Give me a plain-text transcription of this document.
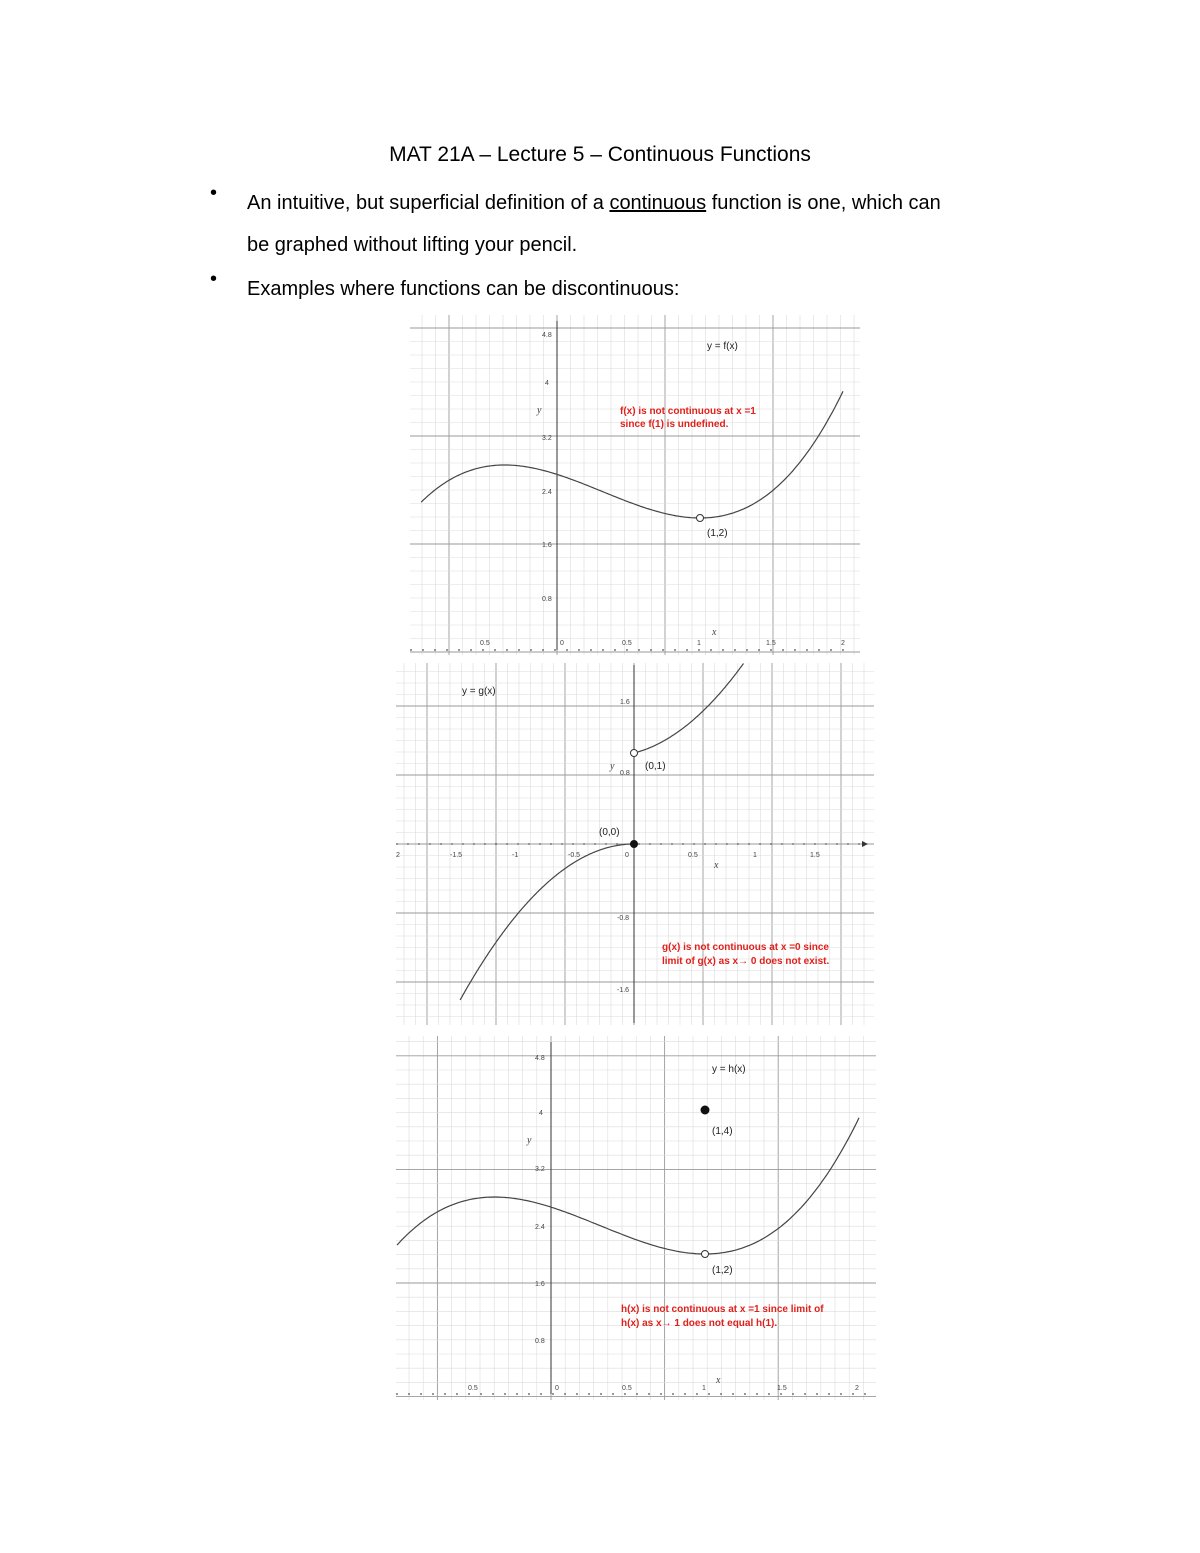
MAT 21A – Lecture 5 – Continuous Functions
•	An intuitive, but superficial definition of a continuous function is one, which can
be graphed without lifting your pencil.
•	Examples where functions can be discontinuous:
y = f(x)
(1,2)
f(x) is not continuous at x =1
since f(1) is undefined.
y
x
4.8
4
3.2
2.4
1.6
0.8
0.5	0	0.5	1	1.5	2
y = g(x)
(0,1)
(0,0)
g(x) is not continuous at x =0 since
limit of g(x) as x→ 0 does not exist.
y
x
1.6
0.8
-0.8
-1.6
2	-1.5	-1	-0.5	0	0.5	1	1.5
y = h(x)
(1,4)
(1,2)
h(x) is not continuous at x =1 since limit of
h(x) as x→ 1 does not equal h(1).
y
x
4.8
4
3.2
2.4
1.6
0.8
0.5	0	0.5	1	1.5	2
